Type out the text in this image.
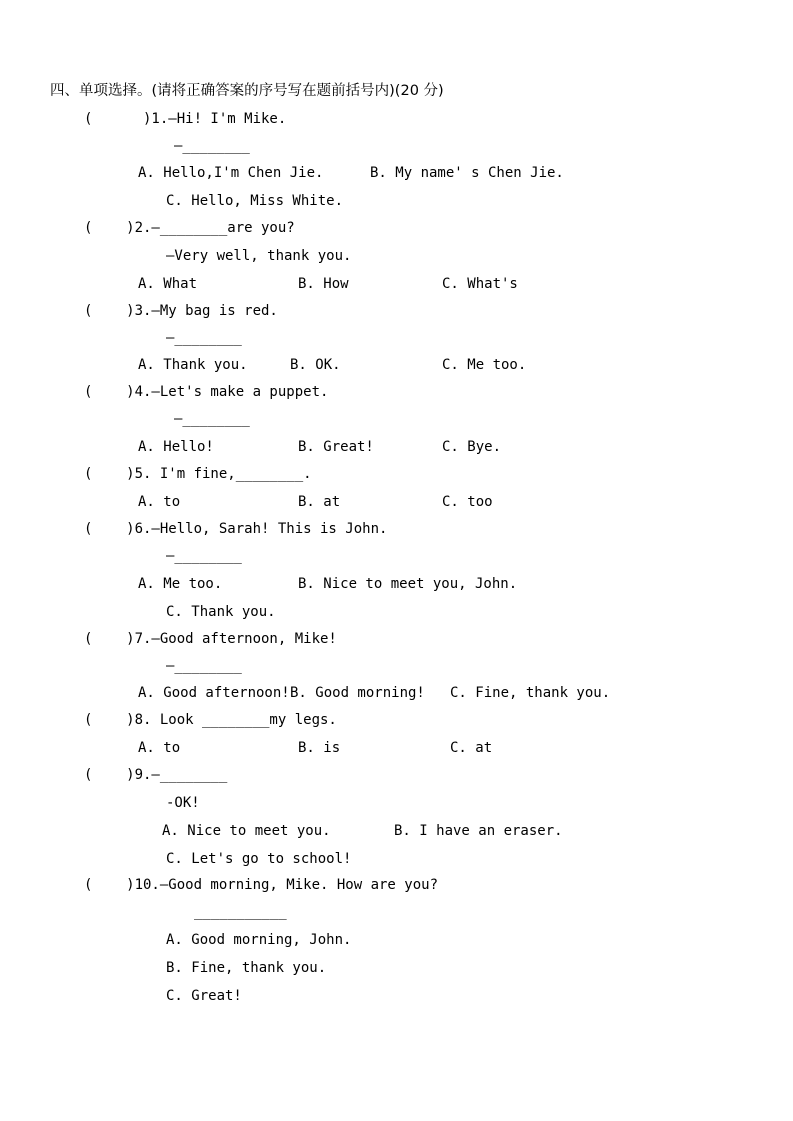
四、单项选择。(请将正确答案的序号写在题前括号内)(20 分)
(      )1.—Hi! I'm Mike.
—________
A. Hello,I'm Chen Jie.	B. My name' s Chen Jie.
C. Hello, Miss White.
(    )2.—________are you?
—Very well, thank you.
A. What	B. How	C. What's
(    )3.—My bag is red.
—________
A. Thank you.	B. OK.	C. Me too.
(    )4.—Let's make a puppet.
—________
A. Hello!	B. Great!	C. Bye.
(    )5. I'm fine,________.
A. to	B. at	C. too
(    )6.—Hello, Sarah! This is John.
—________
A. Me too.	B. Nice to meet you, John.
C. Thank you.
(    )7.—Good afternoon, Mike!
—________
A. Good afternoon! B. Good morning! C. Fine, thank you.
(    )8. Look ________my legs.
A. to	B. is	C. at
(    )9.—________
-OK!
A. Nice to meet you.	B. I have an eraser.
C. Let's go to school!
(    )10.—Good morning, Mike. How are you?
___________
A. Good morning, John.
B. Fine, thank you.
C. Great!
